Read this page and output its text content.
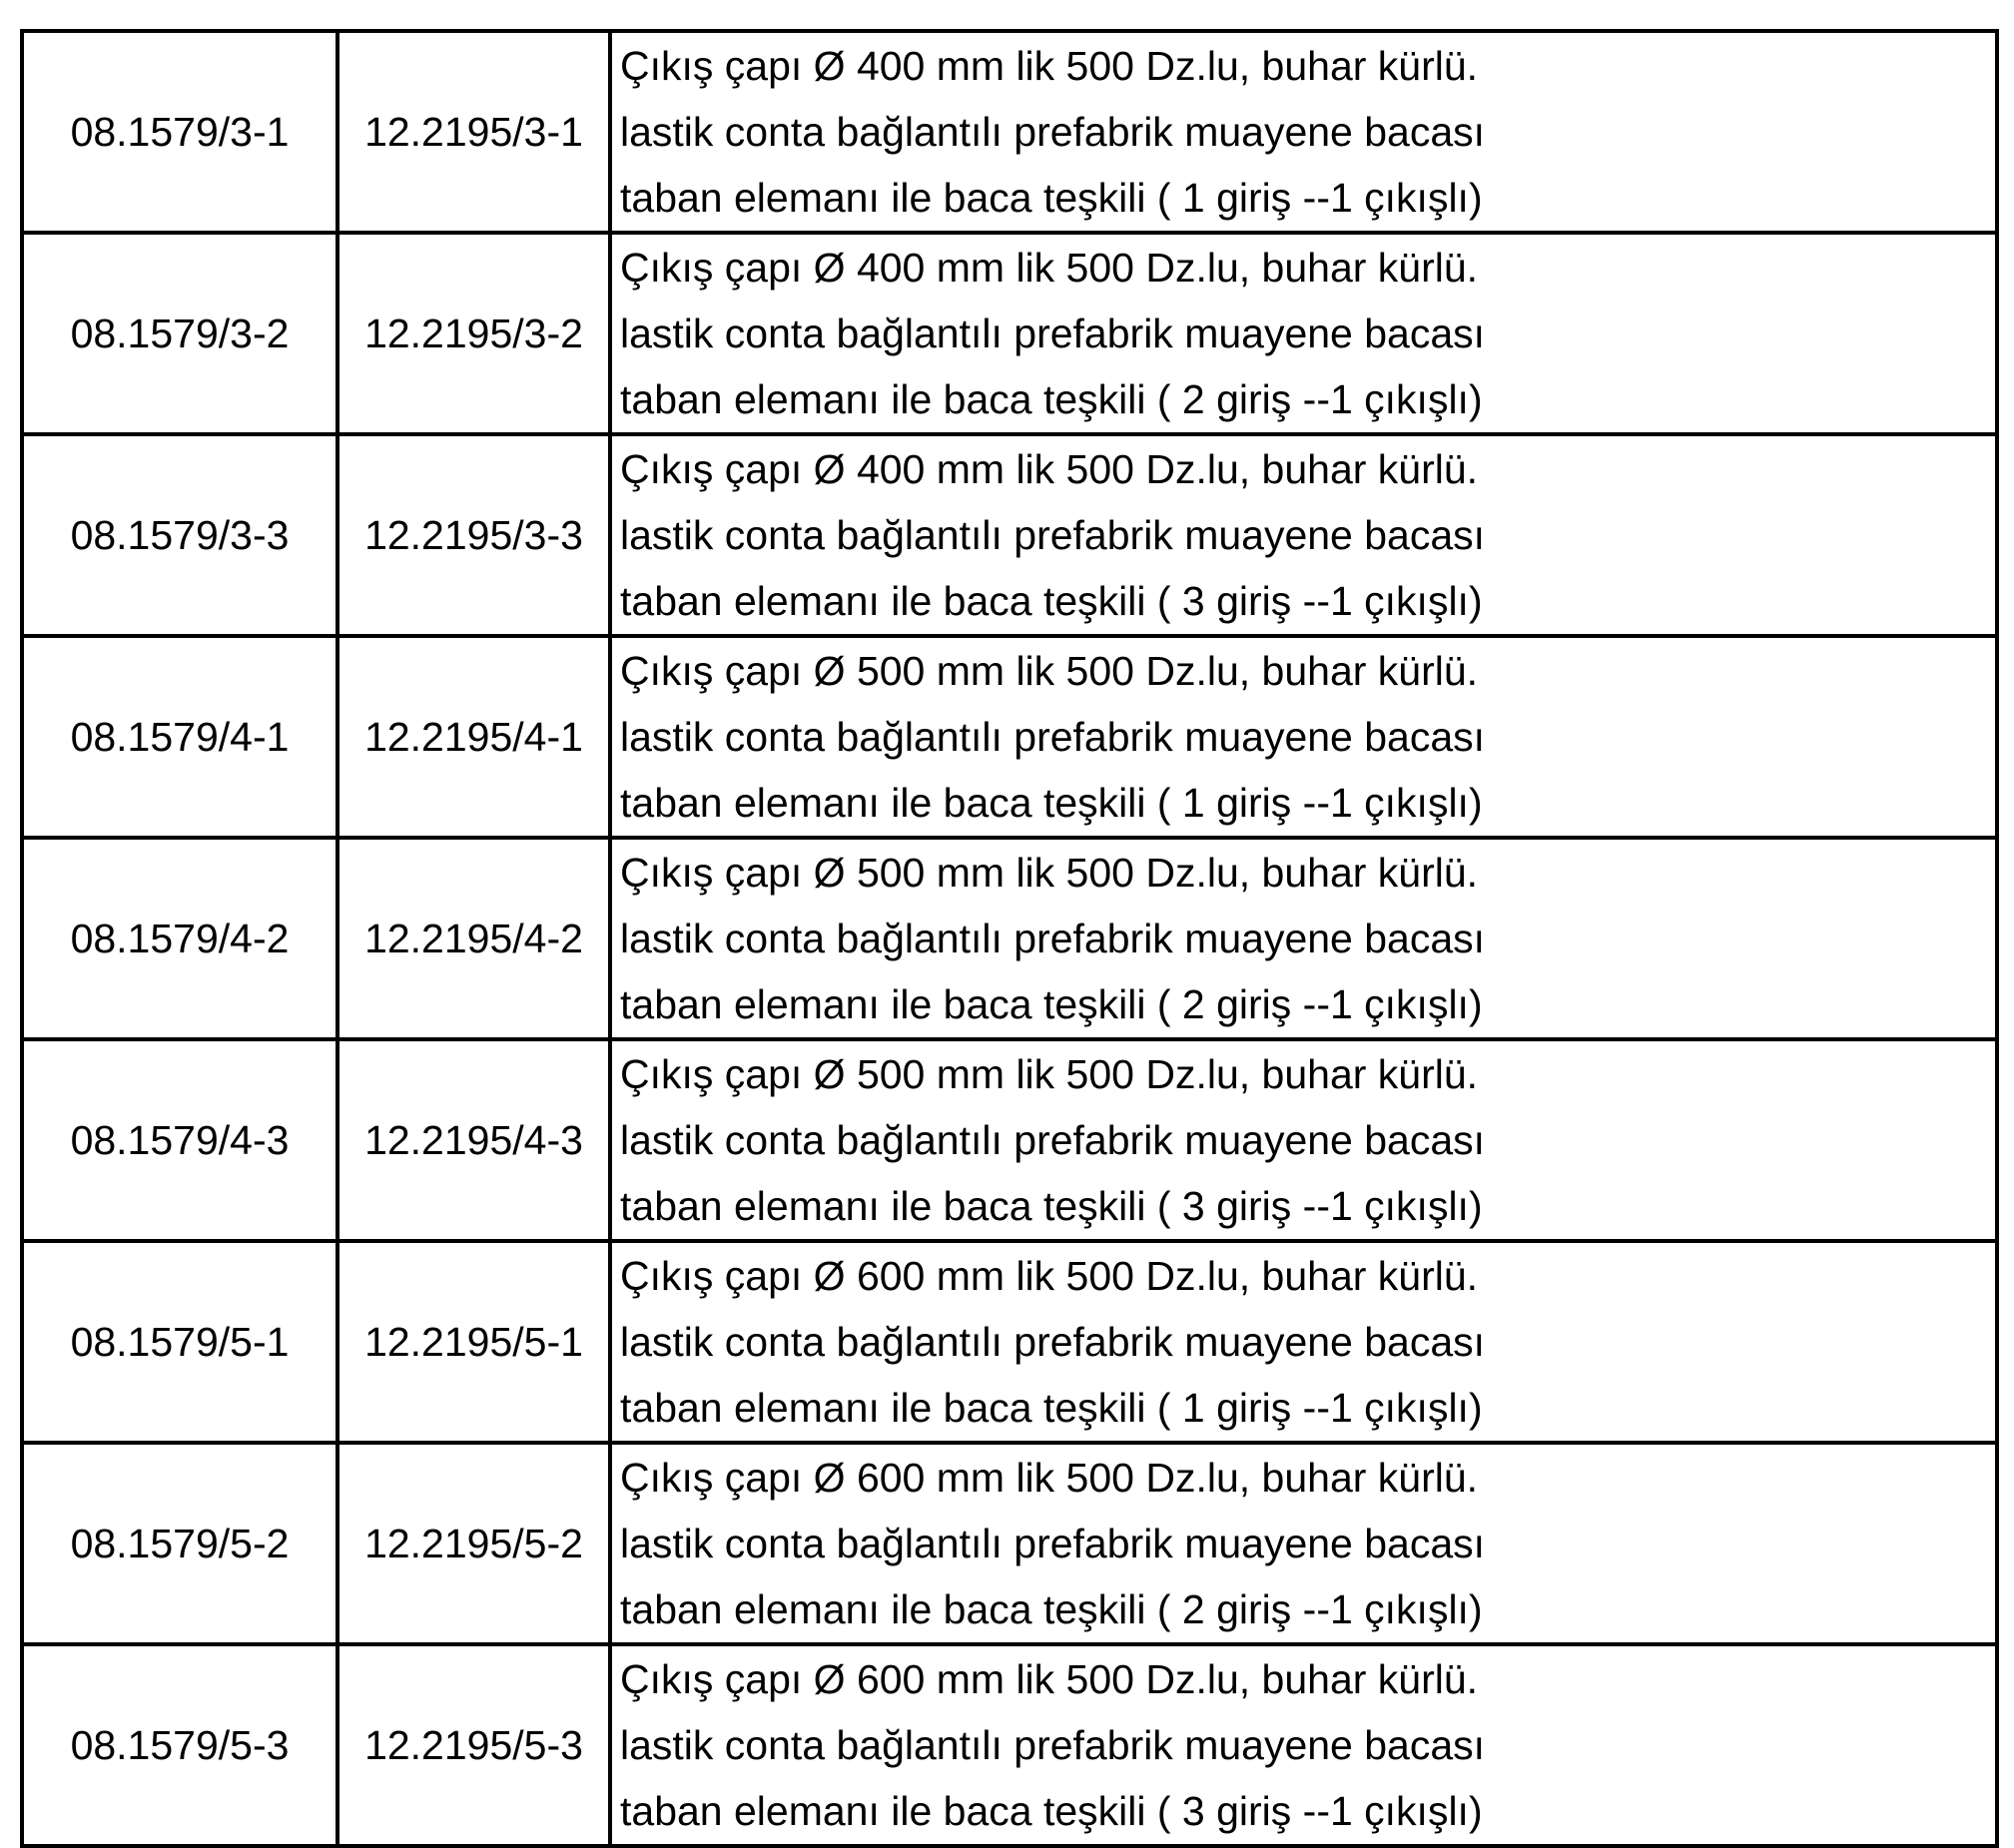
08.1579/3-1	12.2195/3-1	Çıkış çapı Ø 400 mm lik 500 Dz.lu, buhar kürlü.
lastik conta bağlantılı prefabrik muayene bacası
taban elemanı ile baca teşkili ( 1 giriş --1 çıkışlı)

08.1579/3-2	12.2195/3-2	Çıkış çapı Ø 400 mm lik 500 Dz.lu, buhar kürlü.
lastik conta bağlantılı prefabrik muayene bacası
taban elemanı ile baca teşkili ( 2 giriş --1 çıkışlı)

08.1579/3-3	12.2195/3-3	Çıkış çapı Ø 400 mm lik 500 Dz.lu, buhar kürlü.
lastik conta bağlantılı prefabrik muayene bacası
taban elemanı ile baca teşkili ( 3 giriş --1 çıkışlı)

08.1579/4-1	12.2195/4-1	Çıkış çapı Ø 500 mm lik 500 Dz.lu, buhar kürlü.
lastik conta bağlantılı prefabrik muayene bacası
taban elemanı ile baca teşkili ( 1 giriş --1 çıkışlı)

08.1579/4-2	12.2195/4-2	Çıkış çapı Ø 500 mm lik 500 Dz.lu, buhar kürlü.
lastik conta bağlantılı prefabrik muayene bacası
taban elemanı ile baca teşkili ( 2 giriş --1 çıkışlı)

08.1579/4-3	12.2195/4-3	Çıkış çapı Ø 500 mm lik 500 Dz.lu, buhar kürlü.
lastik conta bağlantılı prefabrik muayene bacası
taban elemanı ile baca teşkili ( 3 giriş --1 çıkışlı)

08.1579/5-1	12.2195/5-1	Çıkış çapı Ø 600 mm lik 500 Dz.lu, buhar kürlü.
lastik conta bağlantılı prefabrik muayene bacası
taban elemanı ile baca teşkili ( 1 giriş --1 çıkışlı)

08.1579/5-2	12.2195/5-2	Çıkış çapı Ø 600 mm lik 500 Dz.lu, buhar kürlü.
lastik conta bağlantılı prefabrik muayene bacası
taban elemanı ile baca teşkili ( 2 giriş --1 çıkışlı)

08.1579/5-3	12.2195/5-3	Çıkış çapı Ø 600 mm lik 500 Dz.lu, buhar kürlü.
lastik conta bağlantılı prefabrik muayene bacası
taban elemanı ile baca teşkili ( 3 giriş --1 çıkışlı)
